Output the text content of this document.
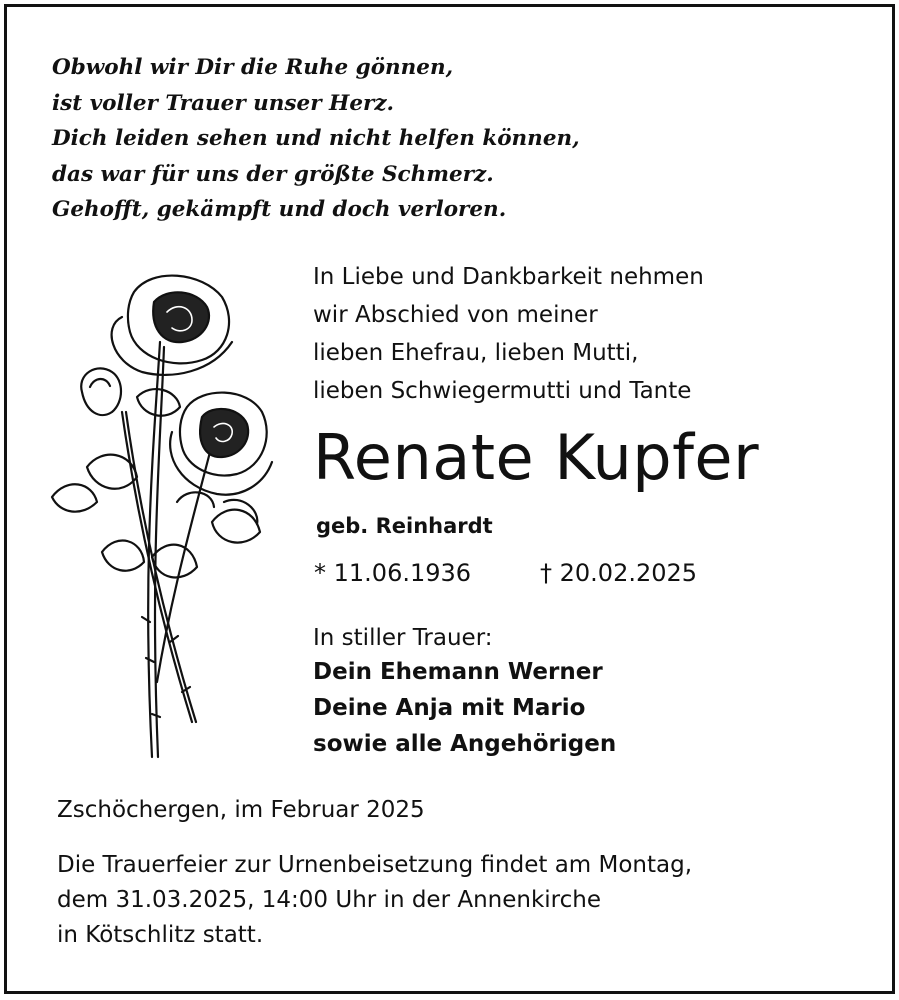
Obwohl wir Dir die Ruhe gönnen,
ist voller Trauer unser Herz.
Dich leiden sehen und nicht helfen können,
das war für uns der größte Schmerz.
Gehofft, gekämpft und doch verloren.
In Liebe und Dankbarkeit nehmen
wir Abschied von meiner
lieben Ehefrau, lieben Mutti,
lieben Schwiegermutti und Tante
Renate Kupfer
geb. Reinhardt
* 11.06.1936	† 20.02.2025
In stiller Trauer:
Dein Ehemann Werner
Deine Anja mit Mario
sowie alle Angehörigen
Zschöchergen, im Februar 2025
Die Trauerfeier zur Urnenbeisetzung findet am Montag,
dem 31.03.2025, 14:00 Uhr in der Annenkirche
in Kötschlitz statt.
